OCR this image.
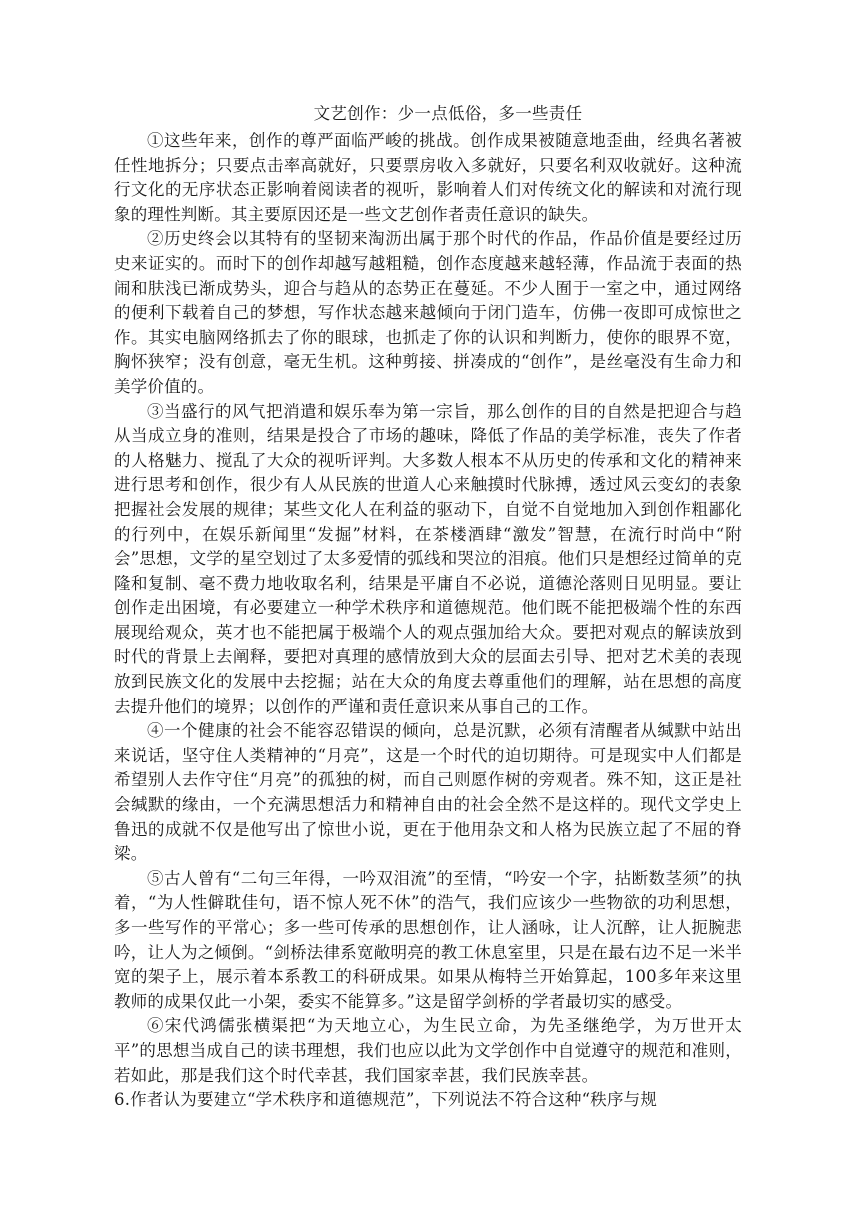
文艺创作：少一点低俗，多一些责任

①这些年来，创作的尊严面临严峻的挑战。创作成果被随意地歪曲，经典名著被任性地拆分；只要点击率高就好，只要票房收入多就好，只要名利双收就好。这种流行文化的无序状态正影响着阅读者的视听，影响着人们对传统文化的解读和对流行现象的理性判断。其主要原因还是一些文艺创作者责任意识的缺失。

②历史终会以其特有的坚韧来淘沥出属于那个时代的作品，作品价值是要经过历史来证实的。而时下的创作却越写越粗糙，创作态度越来越轻薄，作品流于表面的热闹和肤浅已渐成势头，迎合与趋从的态势正在蔓延。不少人囿于一室之中，通过网络的便利下载着自己的梦想，写作状态越来越倾向于闭门造车，仿佛一夜即可成惊世之作。其实电脑网络抓去了你的眼球，也抓走了你的认识和判断力，使你的眼界不宽，胸怀狭窄；没有创意，毫无生机。这种剪接、拼凑成的“创作”，是丝毫没有生命力和美学价值的。

③当盛行的风气把消遣和娱乐奉为第一宗旨，那么创作的目的自然是把迎合与趋从当成立身的准则，结果是投合了市场的趣味，降低了作品的美学标准，丧失了作者的人格魅力、搅乱了大众的视听评判。大多数人根本不从历史的传承和文化的精神来进行思考和创作，很少有人从民族的世道人心来触摸时代脉搏，透过风云变幻的表象把握社会发展的规律；某些文化人在利益的驱动下，自觉不自觉地加入到创作粗鄙化的行列中，在娱乐新闻里“发掘”材料，在茶楼酒肆“激发”智慧，在流行时尚中“附会”思想，文学的星空划过了太多爱情的弧线和哭泣的泪痕。他们只是想经过简单的克隆和复制、毫不费力地收取名利，结果是平庸自不必说，道德沦落则日见明显。要让创作走出困境，有必要建立一种学术秩序和道德规范。他们既不能把极端个性的东西展现给观众，英才也不能把属于极端个人的观点强加给大众。要把对观点的解读放到时代的背景上去阐释，要把对真理的感情放到大众的层面去引导、把对艺术美的表现放到民族文化的发展中去挖掘；站在大众的角度去尊重他们的理解，站在思想的高度去提升他们的境界；以创作的严谨和责任意识来从事自己的工作。

④一个健康的社会不能容忍错误的倾向，总是沉默，必须有清醒者从缄默中站出来说话，坚守住人类精神的“月亮”，这是一个时代的迫切期待。可是现实中人们都是希望别人去作守住“月亮”的孤独的树，而自己则愿作树的旁观者。殊不知，这正是社会缄默的缘由，一个充满思想活力和精神自由的社会全然不是这样的。现代文学史上鲁迅的成就不仅是他写出了惊世小说，更在于他用杂文和人格为民族立起了不屈的脊梁。

⑤古人曾有“二句三年得，一吟双泪流”的至情，“吟安一个字，拈断数茎须”的执着，“为人性僻耽佳句，语不惊人死不休”的浩气，我们应该少一些物欲的功利思想，多一些写作的平常心；多一些可传承的思想创作，让人涵咏，让人沉醉，让人扼腕悲吟，让人为之倾倒。“剑桥法律系宽敞明亮的教工休息室里，只是在最右边不足一米半宽的架子上，展示着本系教工的科研成果。如果从梅特兰开始算起，100多年来这里教师的成果仅此一小架，委实不能算多。”这是留学剑桥的学者最切实的感受。

⑥宋代鸿儒张横渠把“为天地立心，为生民立命，为先圣继绝学，为万世开太平”的思想当成自己的读书理想，我们也应以此为文学创作中自觉遵守的规范和准则，若如此，那是我们这个时代幸甚，我们国家幸甚，我们民族幸甚。

6.作者认为要建立“学术秩序和道德规范”，下列说法不符合这种“秩序与规
